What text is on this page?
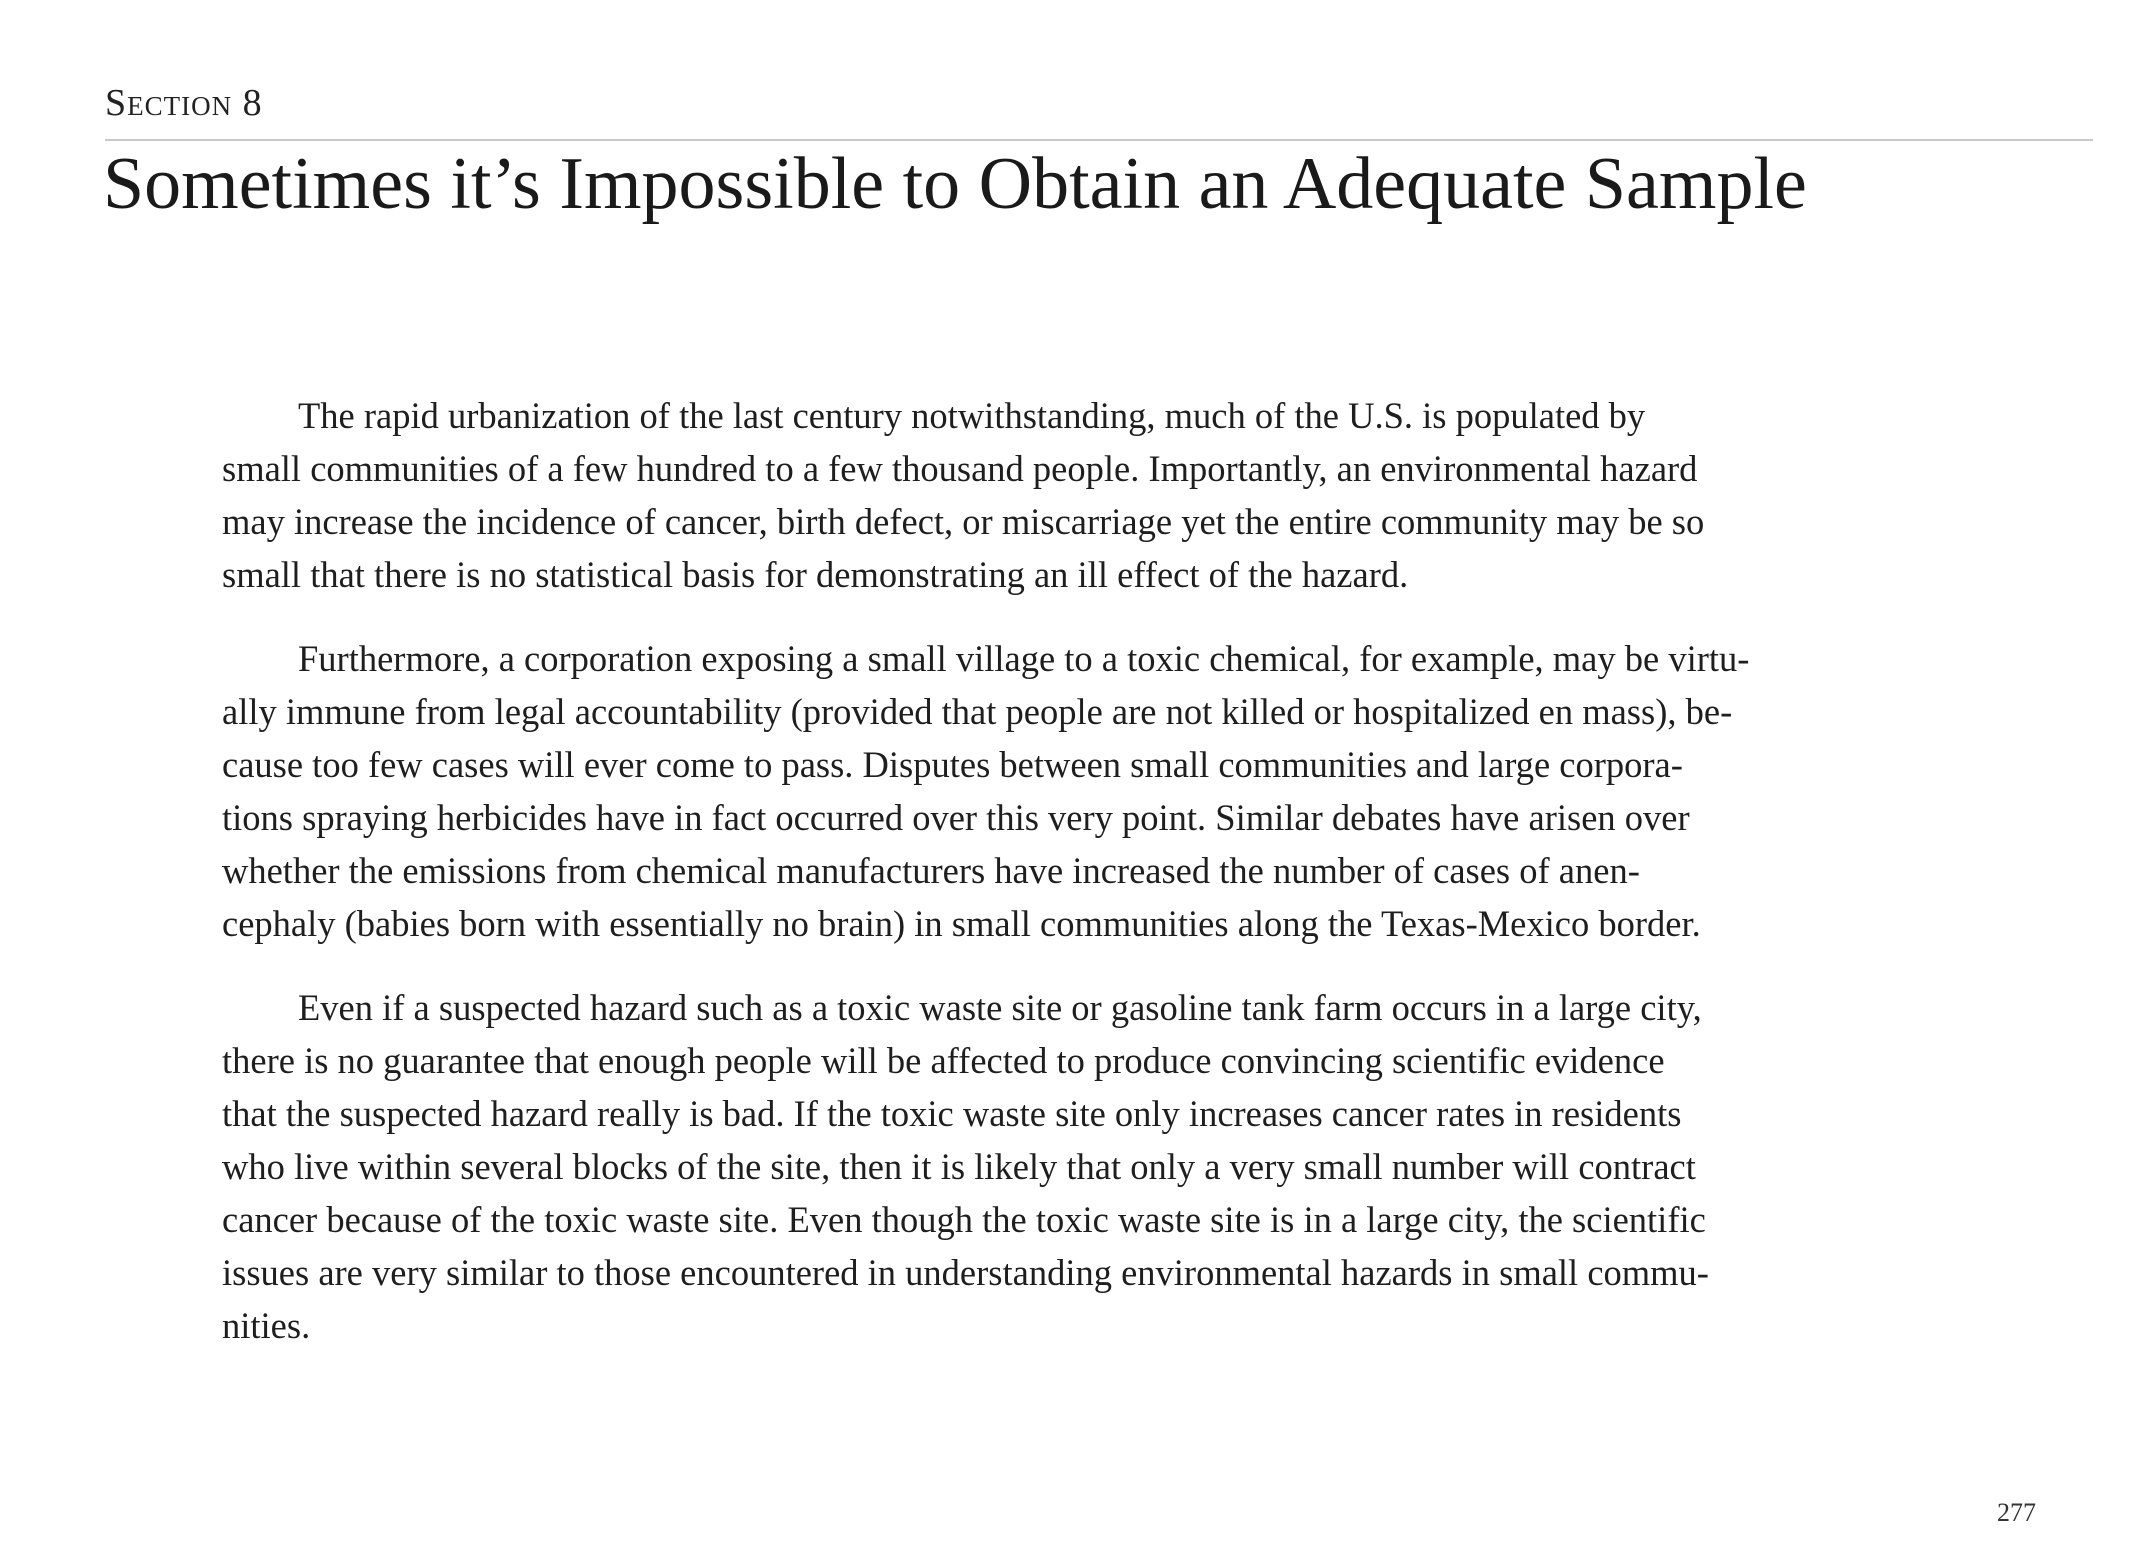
Section 8
Sometimes it’s Impossible to Obtain an Adequate Sample

The rapid urbanization of the last century notwithstanding, much of the U.S. is populated by
small communities of a few hundred to a few thousand people. Importantly, an environmental hazard
may increase the incidence of cancer, birth defect, or miscarriage yet the entire community may be so
small that there is no statistical basis for demonstrating an ill effect of the hazard.

Furthermore, a corporation exposing a small village to a toxic chemical, for example, may be virtu-
ally immune from legal accountability (provided that people are not killed or hospitalized en mass), be-
cause too few cases will ever come to pass. Disputes between small communities and large corpora-
tions spraying herbicides have in fact occurred over this very point. Similar debates have arisen over
whether the emissions from chemical manufacturers have increased the number of cases of anen-
cephaly (babies born with essentially no brain) in small communities along the Texas-Mexico border.

Even if a suspected hazard such as a toxic waste site or gasoline tank farm occurs in a large city,
there is no guarantee that enough people will be affected to produce convincing scientific evidence
that the suspected hazard really is bad. If the toxic waste site only increases cancer rates in residents
who live within several blocks of the site, then it is likely that only a very small number will contract
cancer because of the toxic waste site. Even though the toxic waste site is in a large city, the scientific
issues are very similar to those encountered in understanding environmental hazards in small commu-
nities.

277
